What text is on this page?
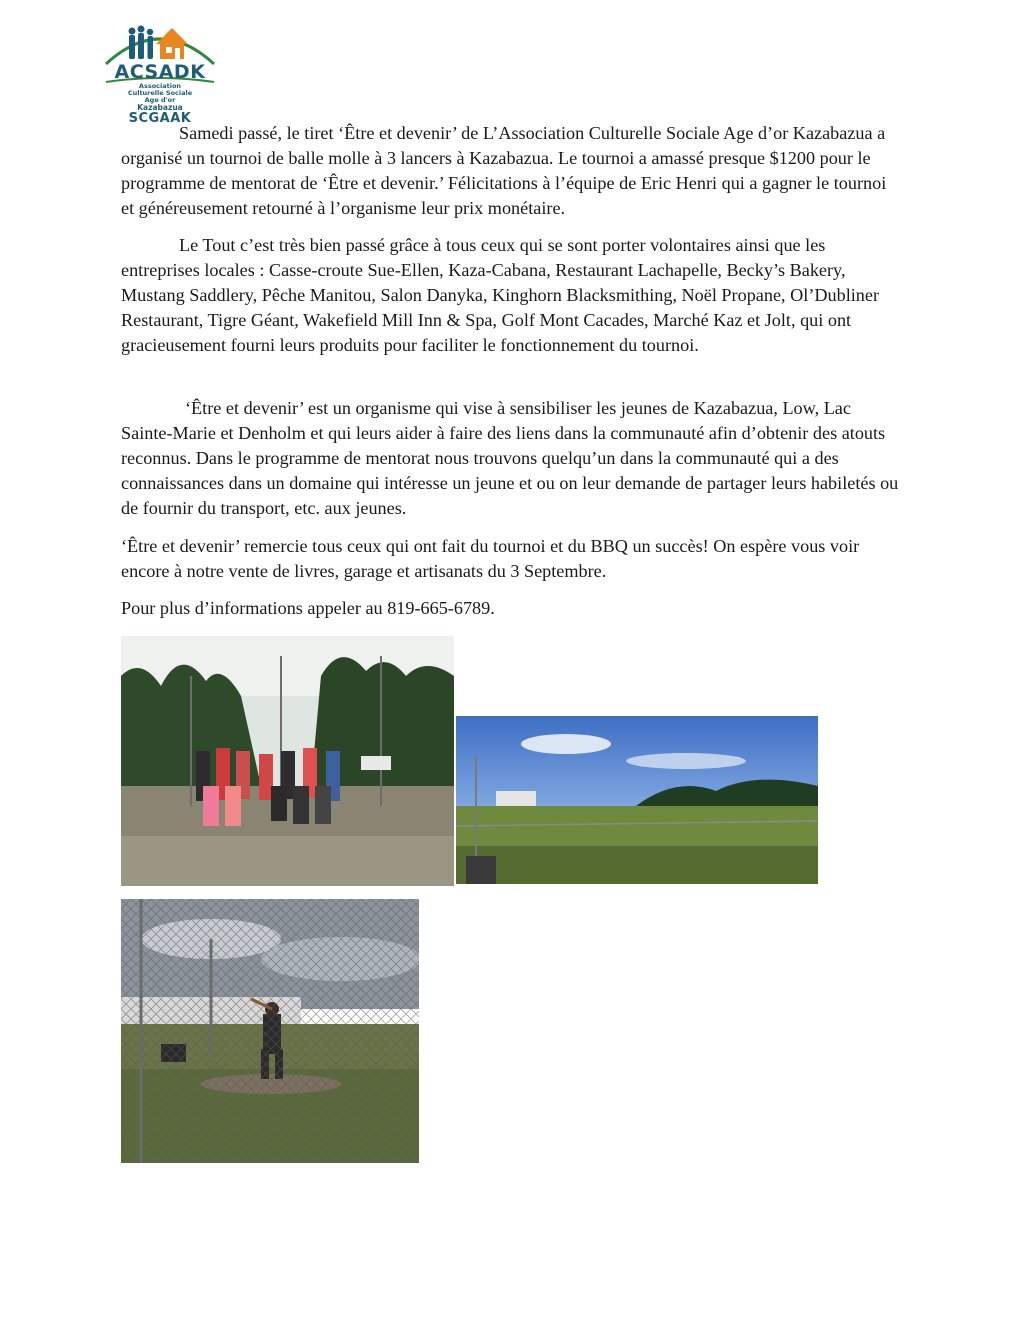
ACSADK
Association
Culturelle Sociale
Age d'or
Kazabazua
SCGAAK

Samedi passé, le tiret ‘Être et devenir’ de L’Association Culturelle Sociale Age d’or Kazabazua a organisé un tournoi de balle molle à 3 lancers à Kazabazua. Le tournoi a amassé presque $1200 pour le programme de mentorat de ‘Être et devenir.’ Félicitations à l’équipe de Eric Henri qui a gagner le tournoi et généreusement retourné à l’organisme leur prix monétaire.

Le Tout c’est très bien passé grâce à tous ceux qui se sont porter volontaires ainsi que les entreprises locales : Casse-croute Sue-Ellen, Kaza-Cabana, Restaurant Lachapelle, Becky’s Bakery, Mustang Saddlery, Pêche Manitou, Salon Danyka, Kinghorn Blacksmithing, Noël Propane, Ol’Dubliner Restaurant, Tigre Géant, Wakefield Mill Inn & Spa, Golf Mont Cacades, Marché Kaz et Jolt, qui ont gracieusement fourni leurs produits pour faciliter le fonctionnement du tournoi.

‘Être et devenir’ est un organisme qui vise à sensibiliser les jeunes de Kazabazua, Low, Lac Sainte-Marie et Denholm et qui leurs aider à faire des liens dans la communauté afin d’obtenir des atouts reconnus. Dans le programme de mentorat nous trouvons quelqu’un dans la communauté qui a des connaissances dans un domaine qui intéresse un jeune et ou on leur demande de partager leurs habiletés ou de fournir du transport, etc. aux jeunes.

‘Être et devenir’ remercie tous ceux qui ont fait du tournoi et du BBQ un succès! On espère vous voir encore à notre vente de livres, garage et artisanats du 3 Septembre.

Pour plus d’informations appeler au 819-665-6789.
